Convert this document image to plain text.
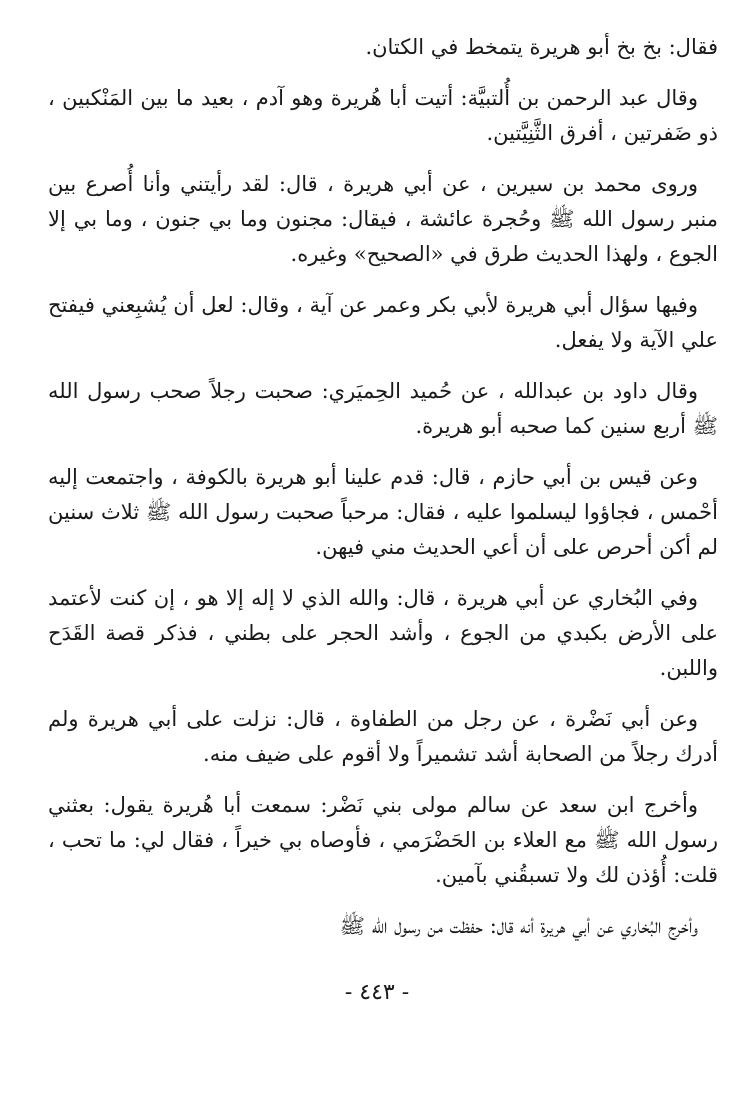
فقال: بخ بخ أبو هريرة يتمخط في الكتان.

وقال عبد الرحمن بن أُلتبيَّة: أتيت أبا هُريرة وهو آدم ، بعيد ما بين المَنْكبين ، ذو ضَفرتين ، أفرق الثَّنِيَّتين.

وروى محمد بن سيرين ، عن أبي هريرة ، قال: لقد رأيتني وأنا أُصرع بين منبر رسول الله ﷺ وحُجرة عائشة ، فيقال: مجنون وما بي جنون ، وما بي إلا الجوع ، ولهذا الحديث طرق في «الصحيح» وغيره.

وفيها سؤال أبي هريرة لأبي بكر وعمر عن آية ، وقال: لعل أن يُشبِعني فيفتح علي الآية ولا يفعل.

وقال داود بن عبدالله ، عن حُميد الحِميَري: صحبت رجلاً صحب رسول الله ﷺ أربع سنين كما صحبه أبو هريرة.

وعن قيس بن أبي حازم ، قال: قدم علينا أبو هريرة بالكوفة ، واجتمعت إليه أحْمس ، فجاؤوا ليسلموا عليه ، فقال: مرحباً صحبت رسول الله ﷺ ثلاث سنين لم أكن أحرص على أن أعي الحديث مني فيهن.

وفي البُخاري عن أبي هريرة ، قال: والله الذي لا إله إلا هو ، إن كنت لأعتمد على الأرض بكبدي من الجوع ، وأشد الحجر على بطني ، فذكر قصة القَدَح واللبن.

وعن أبي نَضْرة ، عن رجل من الطفاوة ، قال: نزلت على أبي هريرة ولم أدرك رجلاً من الصحابة أشد تشميراً ولا أقوم على ضيف منه.

وأخرج ابن سعد عن سالم مولى بني نَضْر: سمعت أبا هُريرة يقول: بعثني رسول الله ﷺ مع العلاء بن الحَضْرَمي ، فأوصاه بي خيراً ، فقال لي: ما تحب ، قلت: أُؤذن لك ولا تسبقُني بآمين.

وأخرج البُخاري عن أبي هريرة أنه قال: حفظت من رسول الله ﷺ

- ٤٤٣ -
